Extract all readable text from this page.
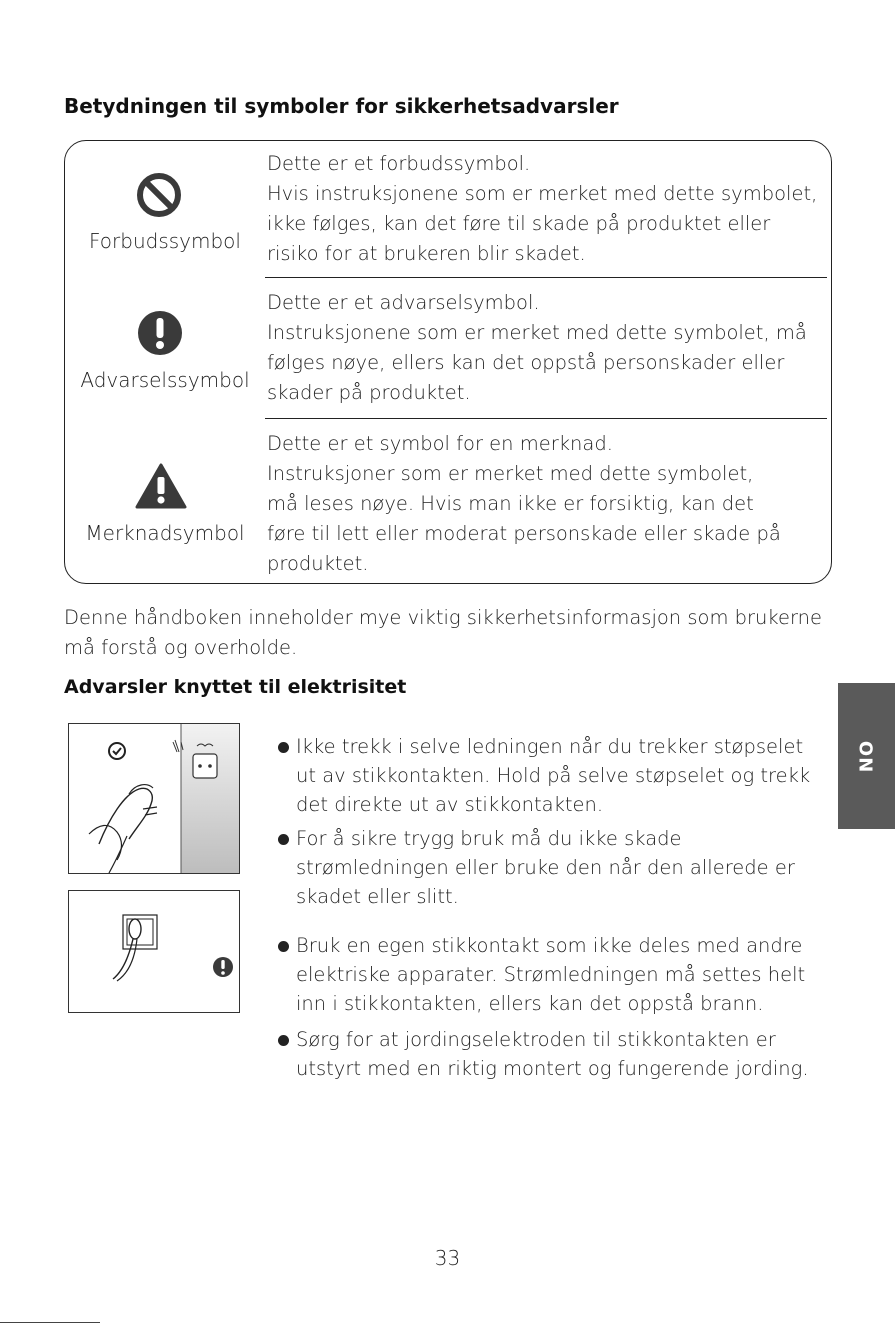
Betydningen til symboler for sikkerhetsadvarsler
Forbudssymbol
Dette er et forbudssymbol.
Hvis instruksjonene som er merket med dette symbolet,
ikke følges, kan det føre til skade på produktet eller
risiko for at brukeren blir skadet.
Advarselssymbol
Dette er et advarselsymbol.
Instruksjonene som er merket med dette symbolet, må
følges nøye, ellers kan det oppstå personskader eller
skader på produktet.
Merknadsymbol
Dette er et symbol for en merknad.
Instruksjoner som er merket med dette symbolet,
må leses nøye. Hvis man ikke er forsiktig, kan det
føre til lett eller moderat personskade eller skade på
produktet.
Denne håndboken inneholder mye viktig sikkerhetsinformasjon som brukerne
må forstå og overholde.
Advarsler knyttet til elektrisitet
Ikke trekk i selve ledningen når du trekker støpselet
ut av stikkontakten. Hold på selve støpselet og trekk
det direkte ut av stikkontakten.
For å sikre trygg bruk må du ikke skade
strømledningen eller bruke den når den allerede er
skadet eller slitt.
Bruk en egen stikkontakt som ikke deles med andre
elektriske apparater. Strømledningen må settes helt
inn i stikkontakten, ellers kan det oppstå brann.
Sørg for at jordingselektroden til stikkontakten er
utstyrt med en riktig montert og fungerende jording.
NO
33
